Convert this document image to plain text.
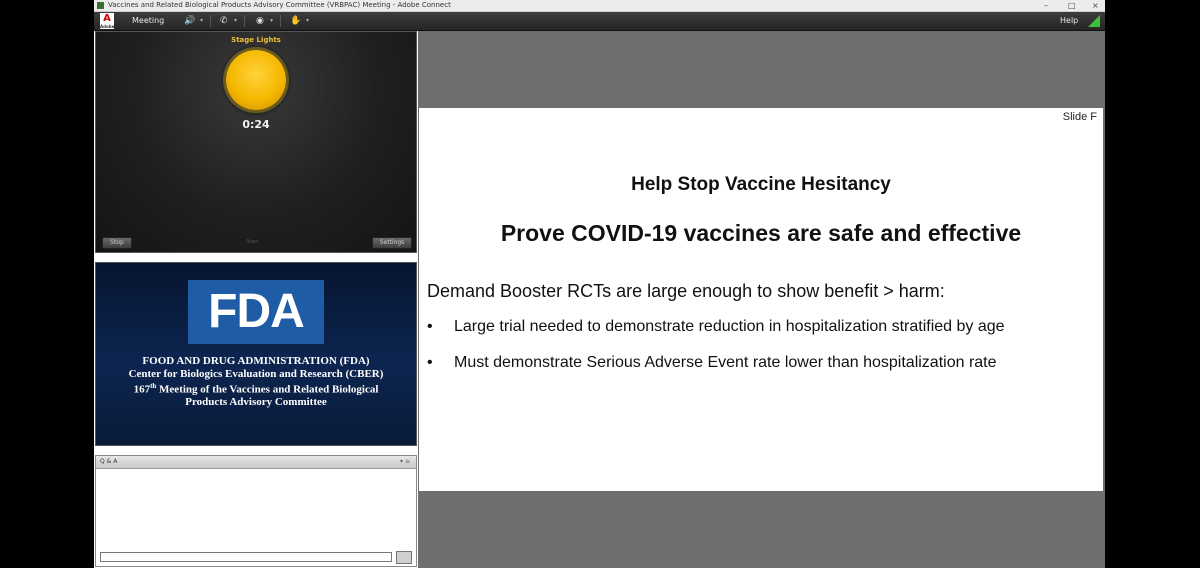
Vaccines and Related Biological Products Advisory Committee (VRBPAC) Meeting - Adobe Connect	–	□ ×
A
Adobe
Meeting 🔊 ▾ ✆ ▾ ◉ ▾ ✋ ▾	Help
Stage Lights
0:24
Stop	Start	Settings
FDA
FOOD AND DRUG ADMINISTRATION (FDA)
Center for Biologics Evaluation and Research (CBER)
167th Meeting of the Vaccines and Related Biological
Products Advisory Committee
Q & A	▾ ≡
Slide F
Help Stop Vaccine Hesitancy
Prove COVID-19 vaccines are safe and effective
Demand Booster RCTs are large enough to show benefit > harm:
• Large trial needed to demonstrate reduction in hospitalization stratified by age
• Must demonstrate Serious Adverse Event rate lower than hospitalization rate
